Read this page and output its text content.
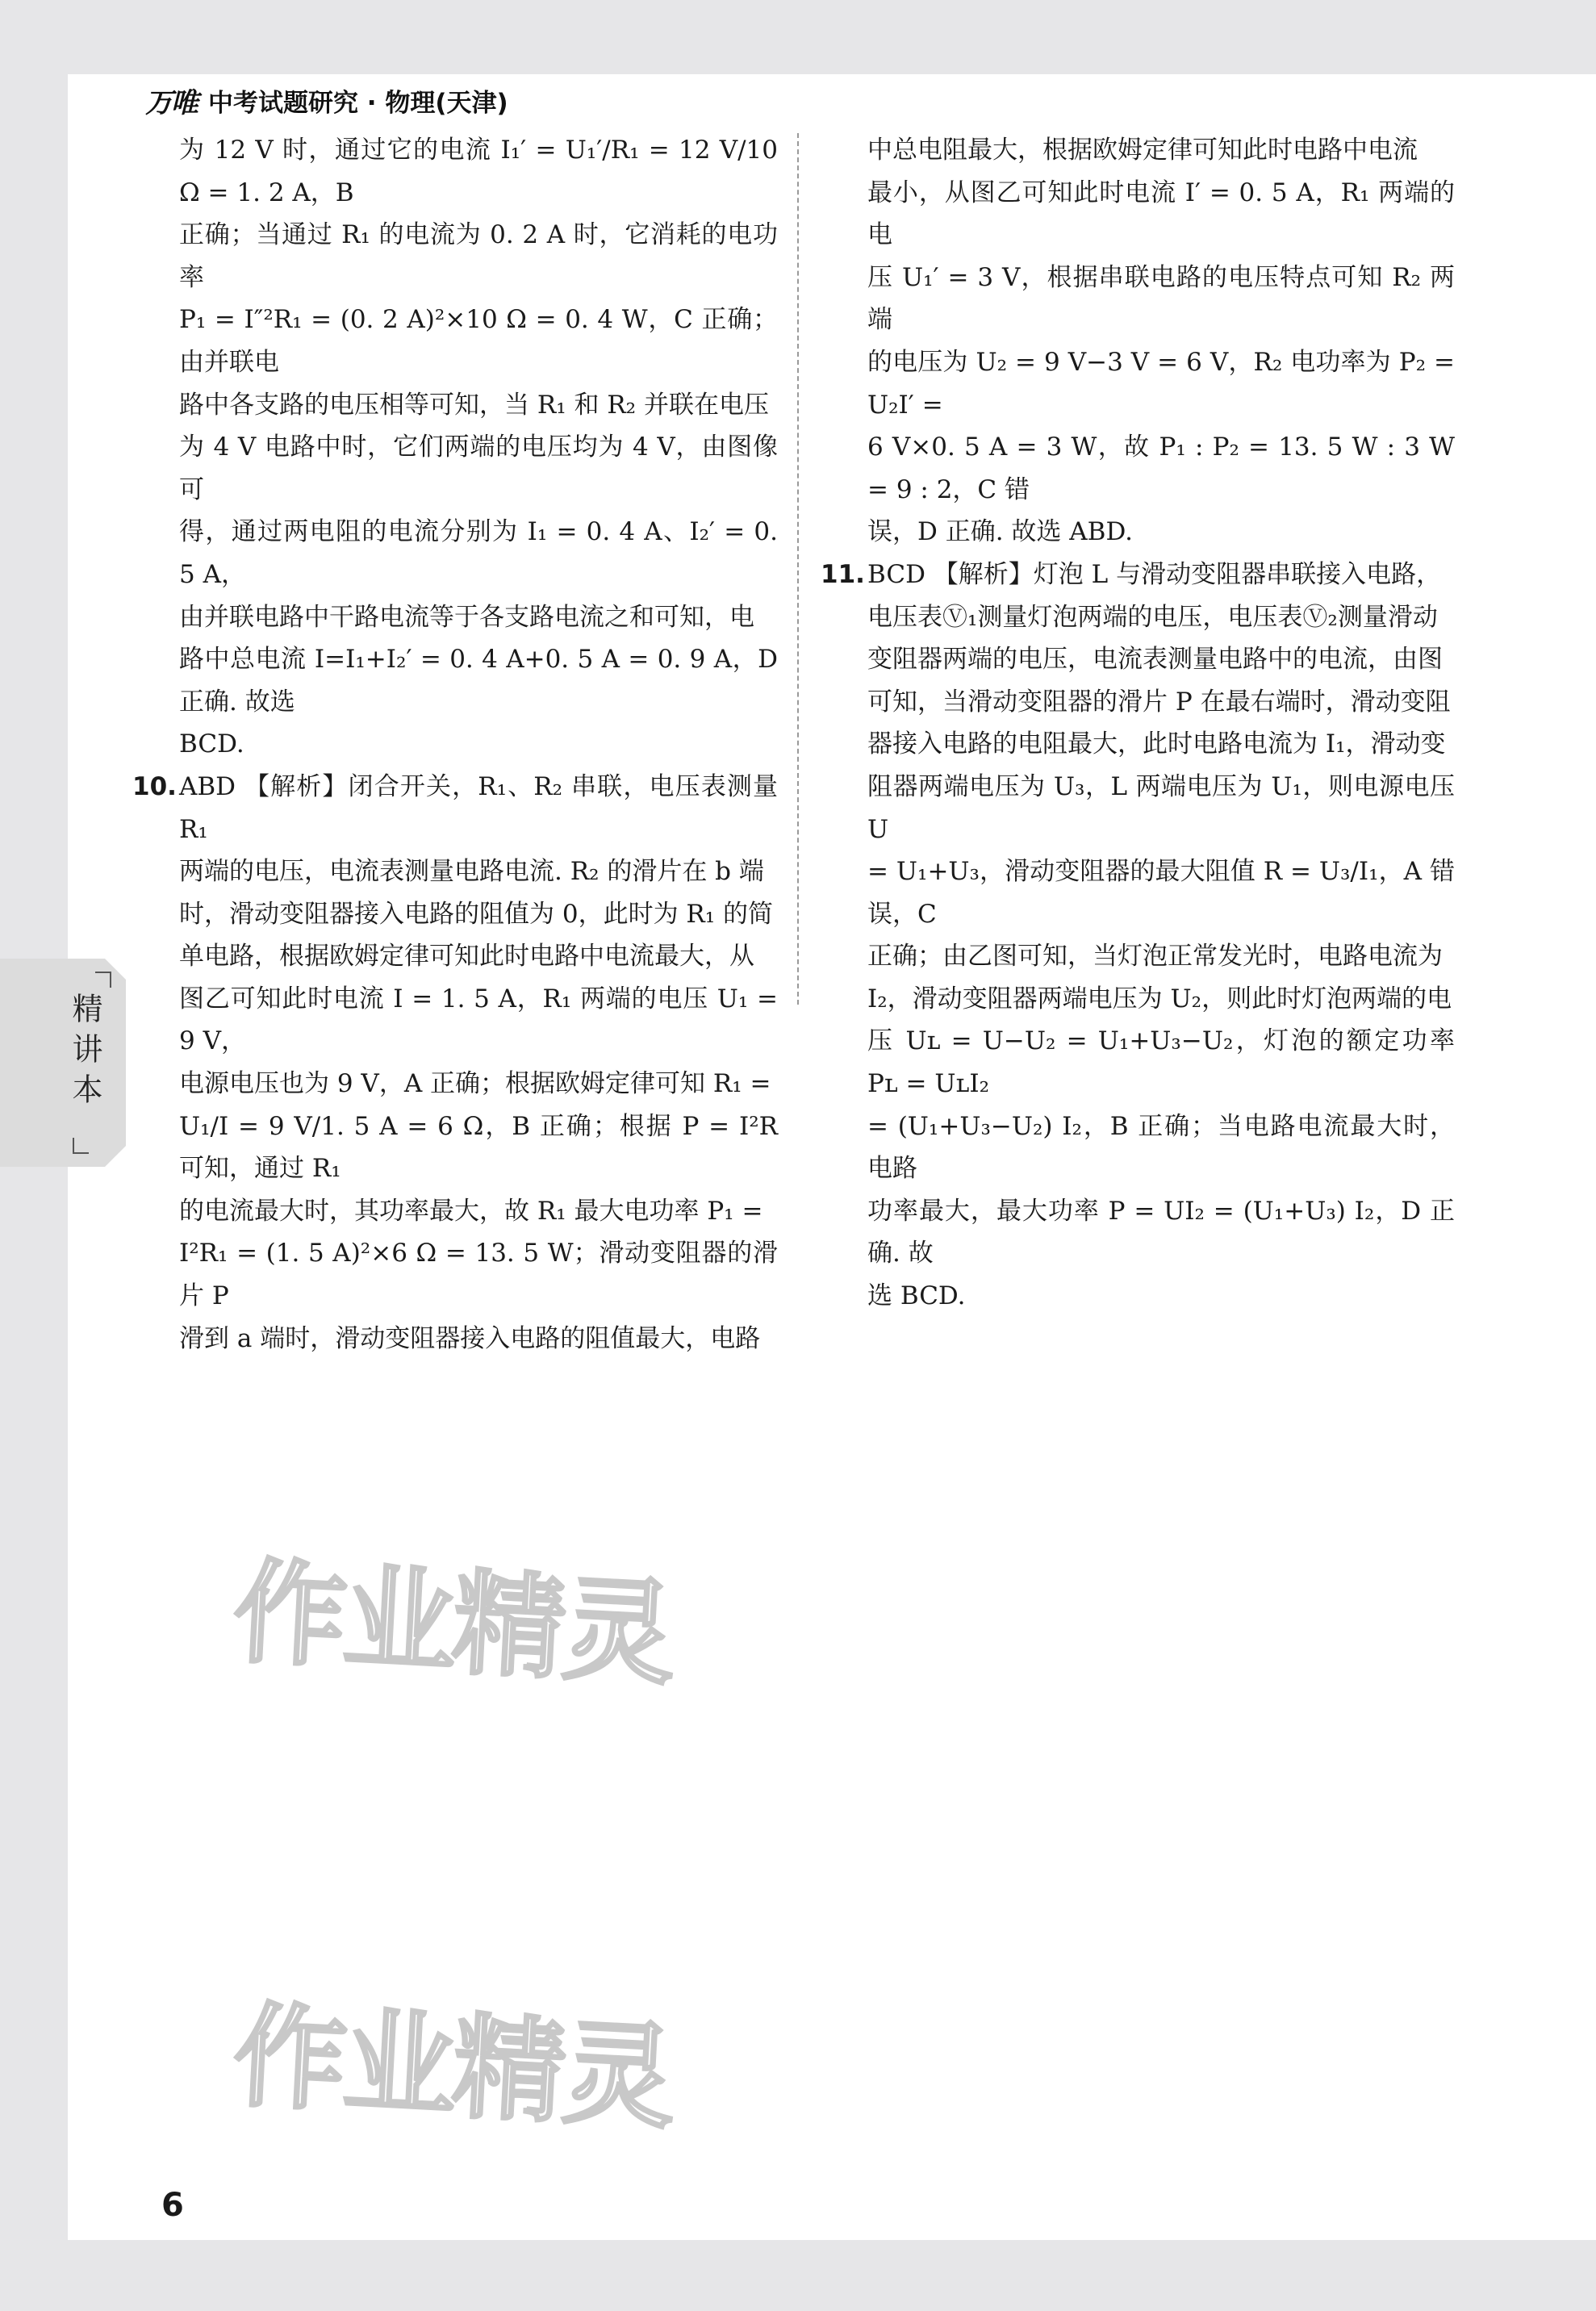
万唯 中考试题研究 · 物理(天津)
为 12 V 时，通过它的电流 I₁′ = U₁′/R₁ = 12 V/10 Ω = 1. 2 A，B
正确；当通过 R₁ 的电流为 0. 2 A 时，它消耗的电功率
P₁ = I″²R₁ = (0. 2 A)²×10 Ω = 0. 4 W，C 正确；由并联电
路中各支路的电压相等可知，当 R₁ 和 R₂ 并联在电压
为 4 V 电路中时，它们两端的电压均为 4 V，由图像可
得，通过两电阻的电流分别为 I₁ = 0. 4 A、I₂′ = 0. 5 A，
由并联电路中干路电流等于各支路电流之和可知，电
路中总电流 I=I₁+I₂′ = 0. 4 A+0. 5 A = 0. 9 A，D 正确. 故选
BCD.
10. ABD 【解析】闭合开关，R₁、R₂ 串联，电压表测量 R₁
两端的电压，电流表测量电路电流. R₂ 的滑片在 b 端
时，滑动变阻器接入电路的阻值为 0，此时为 R₁ 的简
单电路，根据欧姆定律可知此时电路中电流最大，从
图乙可知此时电流 I = 1. 5 A，R₁ 两端的电压 U₁ = 9 V，
电源电压也为 9 V，A 正确；根据欧姆定律可知 R₁ =
U₁/I = 9 V/1. 5 A = 6 Ω，B 正确；根据 P = I²R 可知，通过 R₁
的电流最大时，其功率最大，故 R₁ 最大电功率 P₁ =
I²R₁ = (1. 5 A)²×6 Ω = 13. 5 W；滑动变阻器的滑片 P
滑到 a 端时，滑动变阻器接入电路的阻值最大，电路
中总电阻最大，根据欧姆定律可知此时电路中电流
最小，从图乙可知此时电流 I′ = 0. 5 A，R₁ 两端的电
压 U₁′ = 3 V，根据串联电路的电压特点可知 R₂ 两端
的电压为 U₂ = 9 V−3 V = 6 V，R₂ 电功率为 P₂ = U₂I′ =
6 V×0. 5 A = 3 W，故 P₁ : P₂ = 13. 5 W : 3 W = 9 : 2，C 错
误，D 正确. 故选 ABD.
11. BCD 【解析】灯泡 L 与滑动变阻器串联接入电路，
电压表Ⓥ₁测量灯泡两端的电压，电压表Ⓥ₂测量滑动
变阻器两端的电压，电流表测量电路中的电流，由图
可知，当滑动变阻器的滑片 P 在最右端时，滑动变阻
器接入电路的电阻最大，此时电路电流为 I₁，滑动变
阻器两端电压为 U₃，L 两端电压为 U₁，则电源电压 U
= U₁+U₃，滑动变阻器的最大阻值 R = U₃/I₁，A 错误，C
正确；由乙图可知，当灯泡正常发光时，电路电流为
I₂，滑动变阻器两端电压为 U₂，则此时灯泡两端的电
压 Uʟ = U−U₂ = U₁+U₃−U₂，灯泡的额定功率 Pʟ = UʟI₂
= (U₁+U₃−U₂) I₂，B 正确；当电路电流最大时，电路
功率最大，最大功率 P = UI₂ = (U₁+U₃) I₂，D 正确. 故
选 BCD.
精讲本
作业精灵
作业精灵
6
